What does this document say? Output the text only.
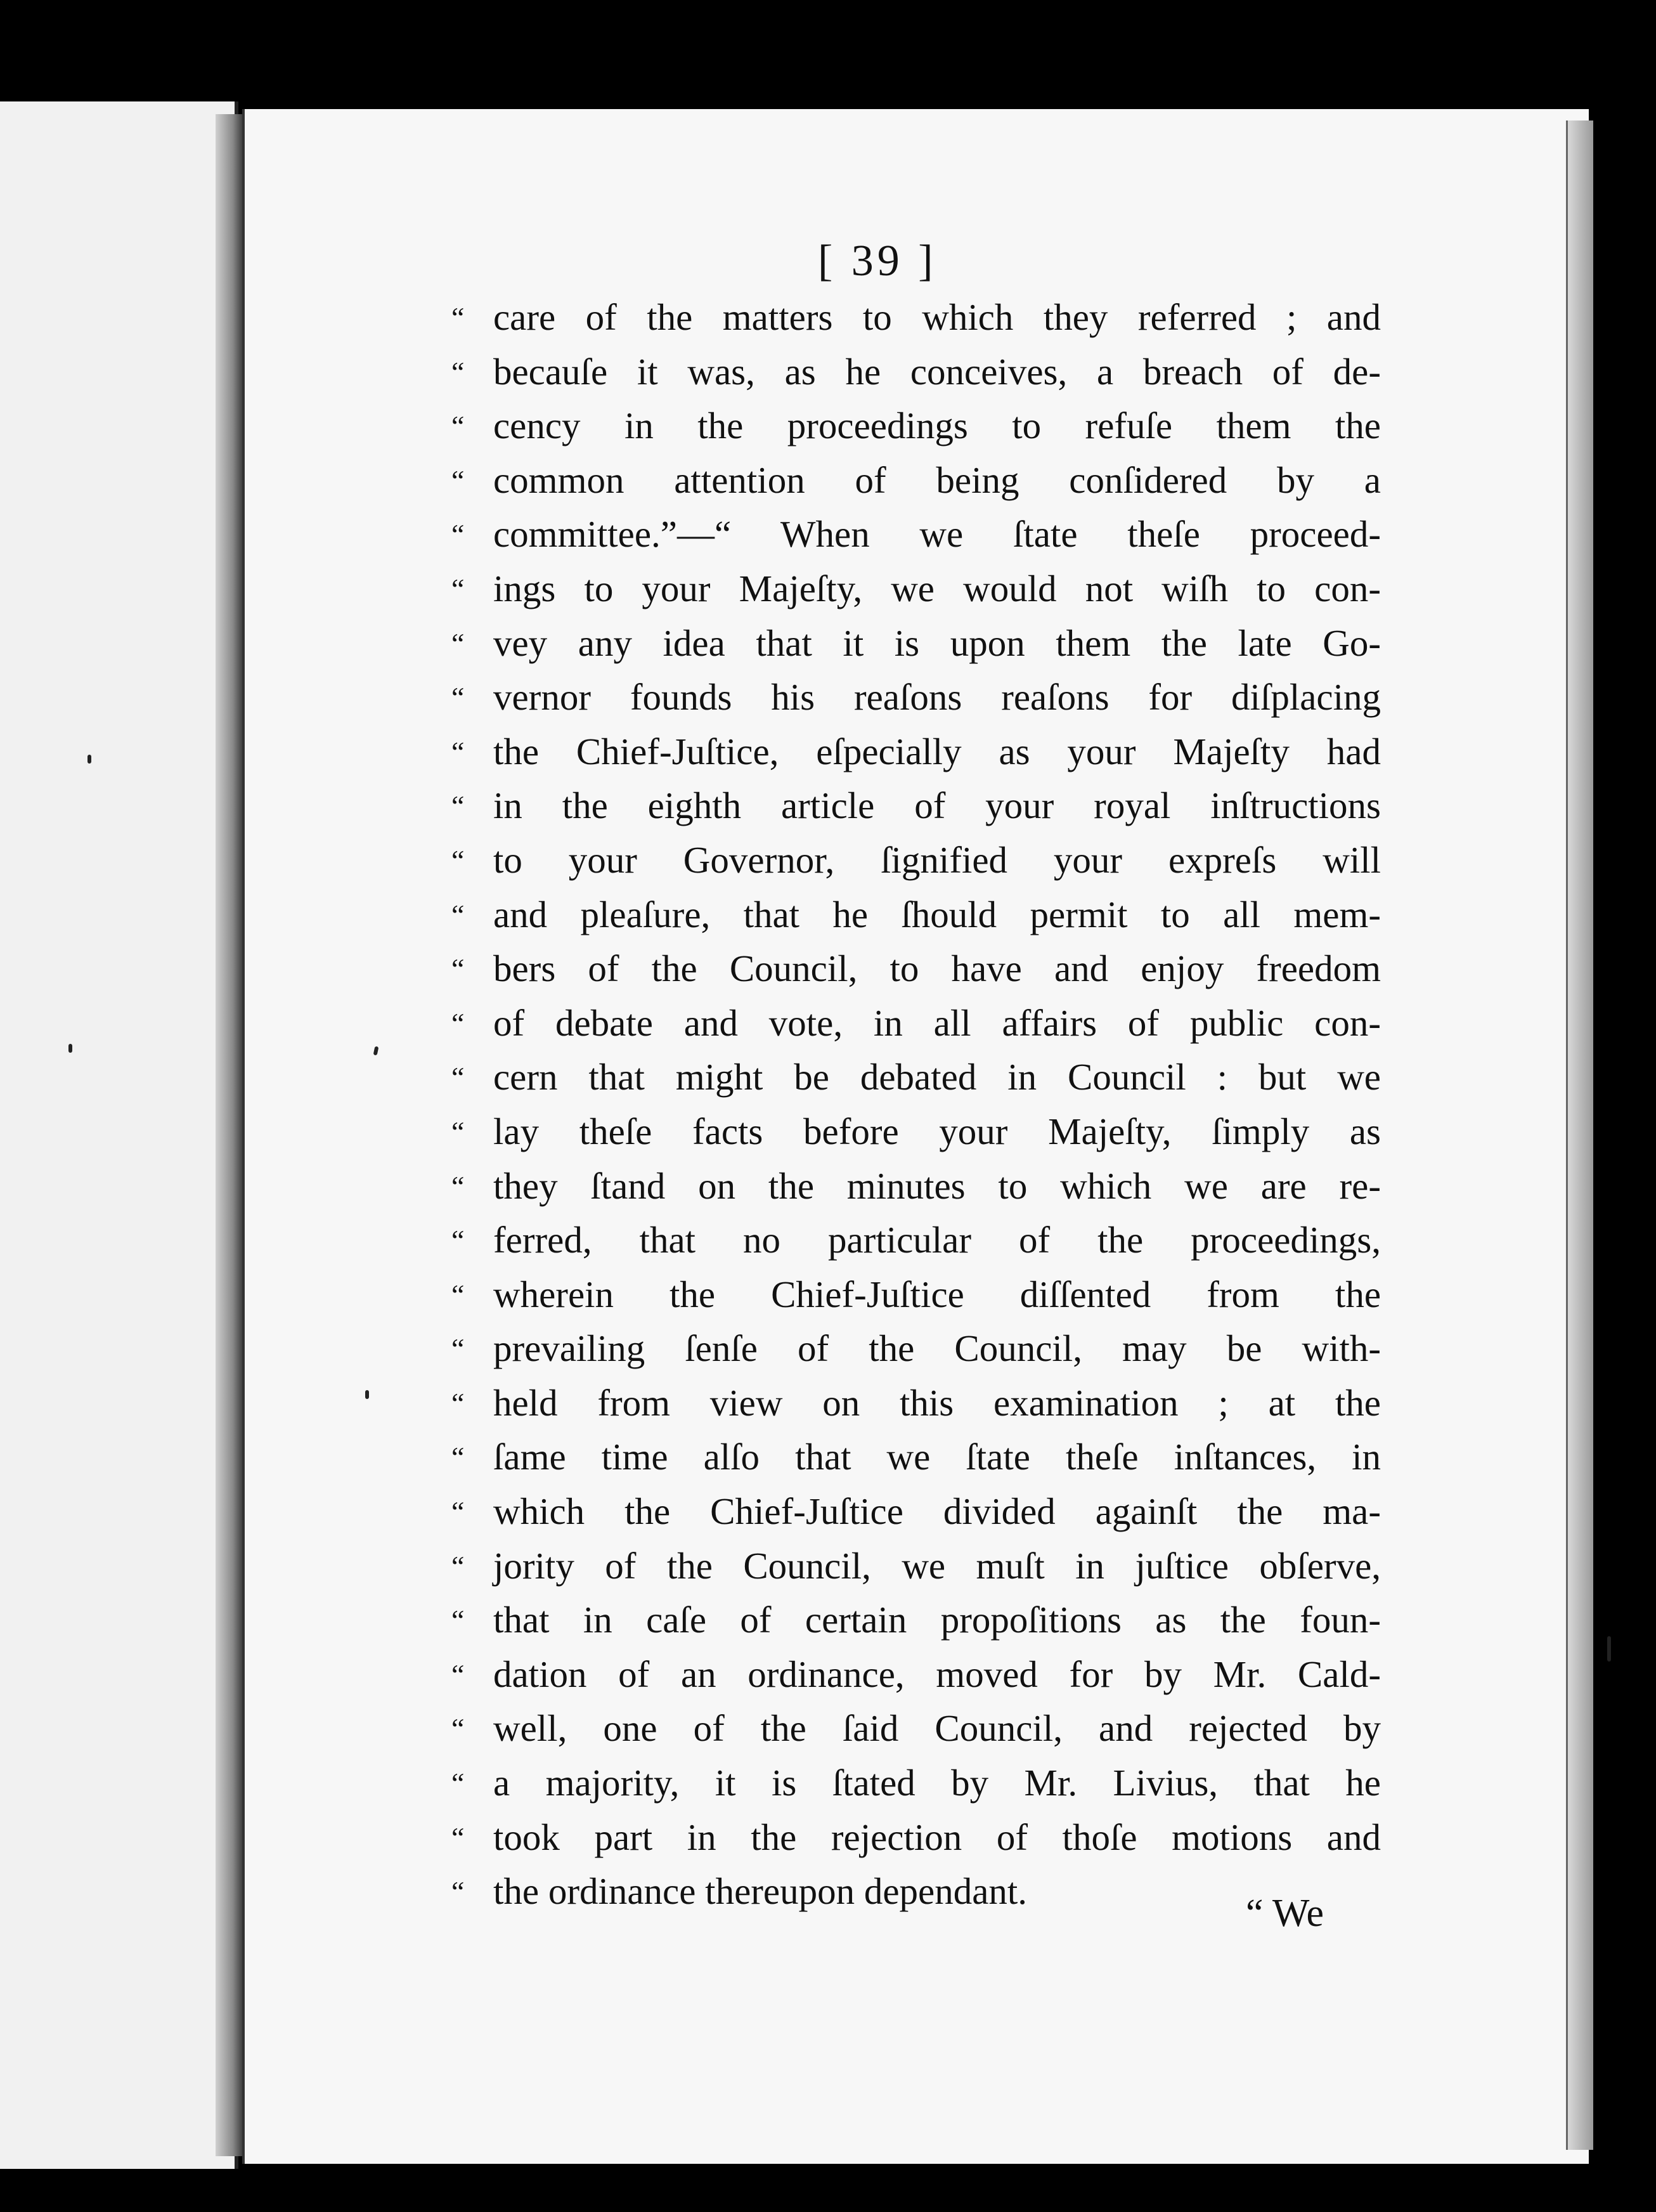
[ 39 ]
“ care of the matters to which they referred ; and
“ becauſe it was, as he conceives, a breach of de-
“ cency in the proceedings to refuſe them the
“ common attention of being conſidered by a
“ committee.”—“ When we ſtate theſe proceed-
“ ings to your Majeſty, we would not wiſh to con-
“ vey any idea that it is upon them the late Go-
“ vernor founds his reaſons reaſons for diſplacing
“ the Chief-Juſtice, eſpecially as your Majeſty had
“ in the eighth article of your royal inſtructions
“ to your Governor, ſignified your expreſs will
“ and pleaſure, that he ſhould permit to all mem-
“ bers of the Council, to have and enjoy freedom
“ of debate and vote, in all affairs of public con-
“ cern that might be debated in Council : but we
“ lay theſe facts before your Majeſty, ſimply as
“ they ſtand on the minutes to which we are re-
“ ferred, that no particular of the proceedings,
“ wherein the Chief-Juſtice diſſented from the
“ prevailing ſenſe of the Council, may be with-
“ held from view on this examination ; at the
“ ſame time alſo that we ſtate theſe inſtances, in
“ which the Chief-Juſtice divided againſt the ma-
“ jority of the Council, we muſt in juſtice obſerve,
“ that in caſe of certain propoſitions as the foun-
“ dation of an ordinance, moved for by Mr. Cald-
“ well, one of the ſaid Council, and rejected by
“ a majority, it is ſtated by Mr. Livius, that he
“ took part in the rejection of thoſe motions and
“ the ordinance thereupon dependant.
“ We
